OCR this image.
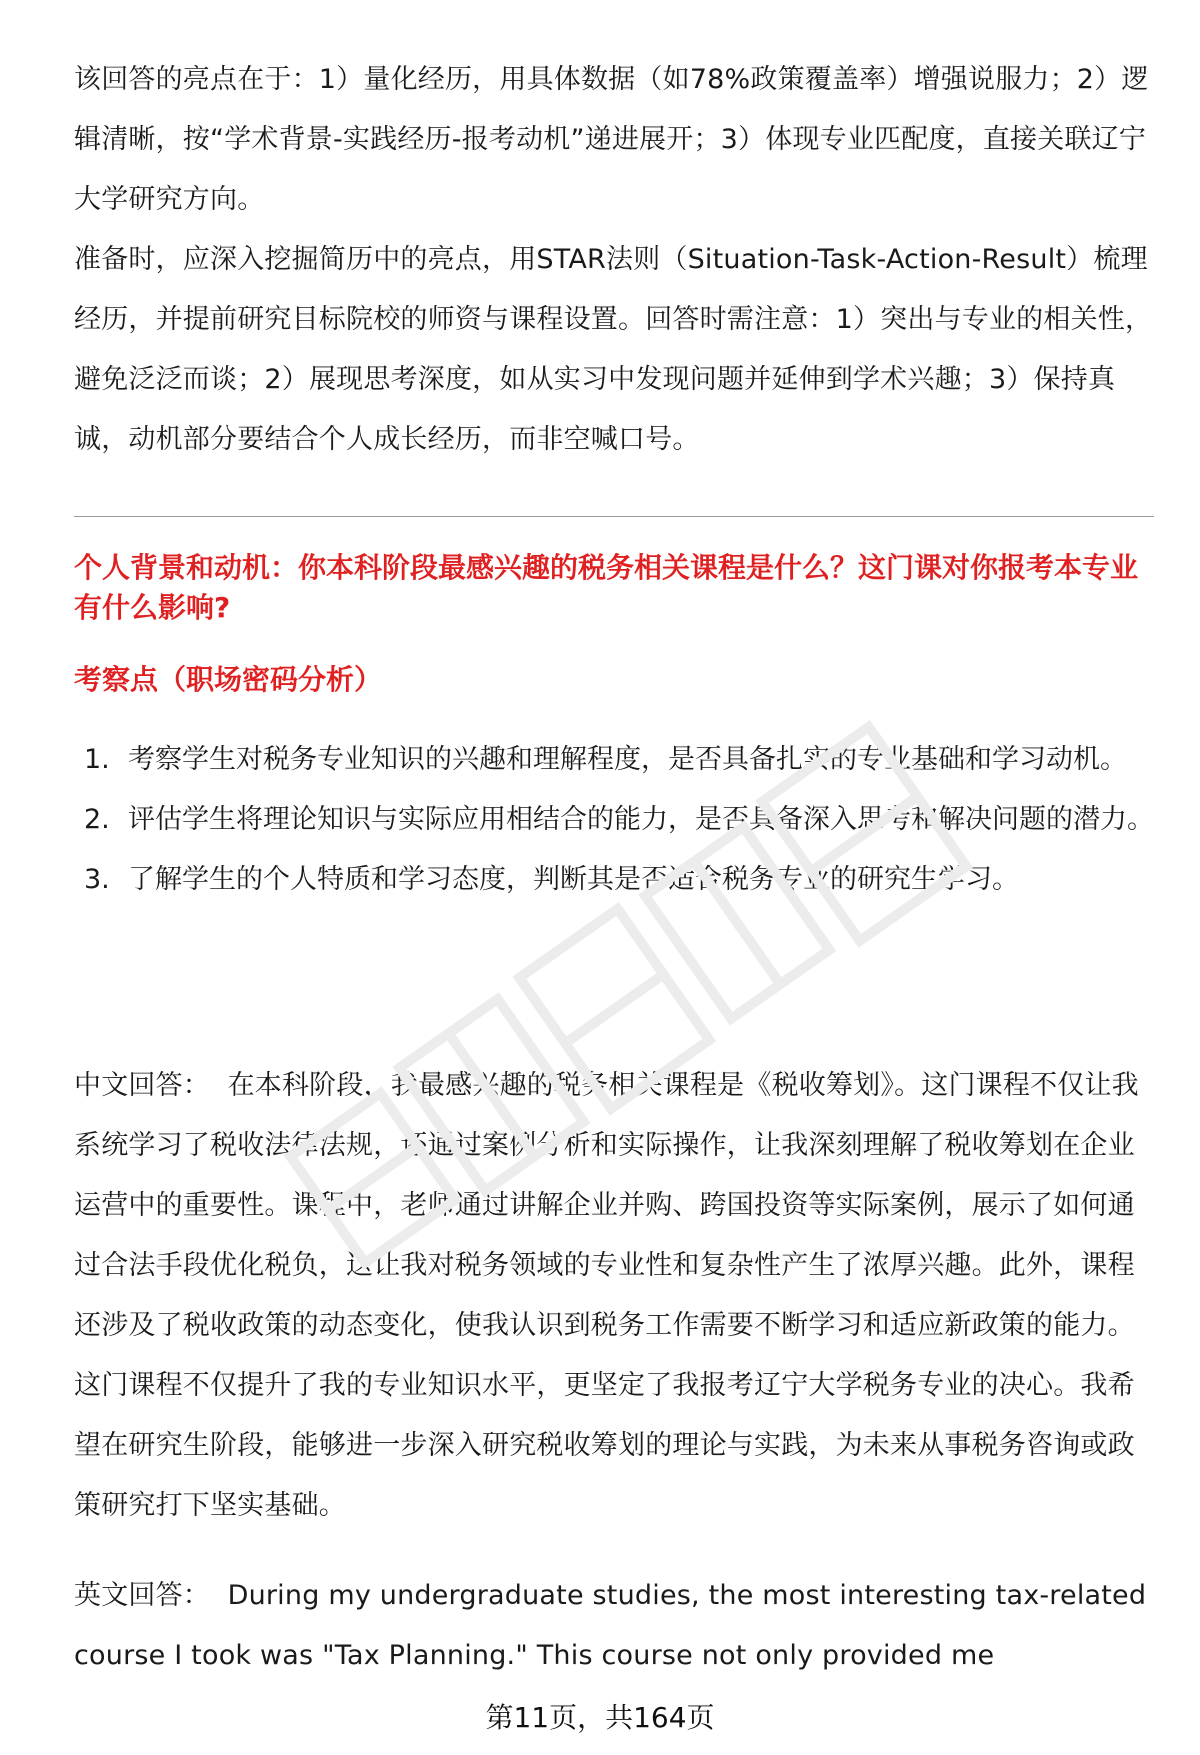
该回答的亮点在于：1）量化经历，用具体数据（如78%政策覆盖率）增强说服力；2）逻辑清晰，按“学术背景-实践经历-报考动机”递进展开；3）体现专业匹配度，直接关联辽宁大学研究方向。

准备时，应深入挖掘简历中的亮点，用STAR法则（Situation-Task-Action-Result）梳理经历，并提前研究目标院校的师资与课程设置。回答时需注意：1）突出与专业的相关性，避免泛泛而谈；2）展现思考深度，如从实习中发现问题并延伸到学术兴趣；3）保持真诚，动机部分要结合个人成长经历，而非空喊口号。

个人背景和动机：你本科阶段最感兴趣的税务相关课程是什么？这门课对你报考本专业有什么影响?

考察点（职场密码分析）

1. 考察学生对税务专业知识的兴趣和理解程度，是否具备扎实的专业基础和学习动机。
2. 评估学生将理论知识与实际应用相结合的能力，是否具备深入思考和解决问题的潜力。
3. 了解学生的个人特质和学习态度，判断其是否适合税务专业的研究生学习。

中文回答： 在本科阶段，我最感兴趣的税务相关课程是《税收筹划》。这门课程不仅让我系统学习了税收法律法规，还通过案例分析和实际操作，让我深刻理解了税收筹划在企业运营中的重要性。课程中，老师通过讲解企业并购、跨国投资等实际案例，展示了如何通过合法手段优化税负，这让我对税务领域的专业性和复杂性产生了浓厚兴趣。此外，课程还涉及了税收政策的动态变化，使我认识到税务工作需要不断学习和适应新政策的能力。这门课程不仅提升了我的专业知识水平，更坚定了我报考辽宁大学税务专业的决心。我希望在研究生阶段，能够进一步深入研究税收筹划的理论与实践，为未来从事税务咨询或政策研究打下坚实基础。

英文回答： During my undergraduate studies, the most interesting tax-related course I took was "Tax Planning." This course not only provided me

第11页，共164页
